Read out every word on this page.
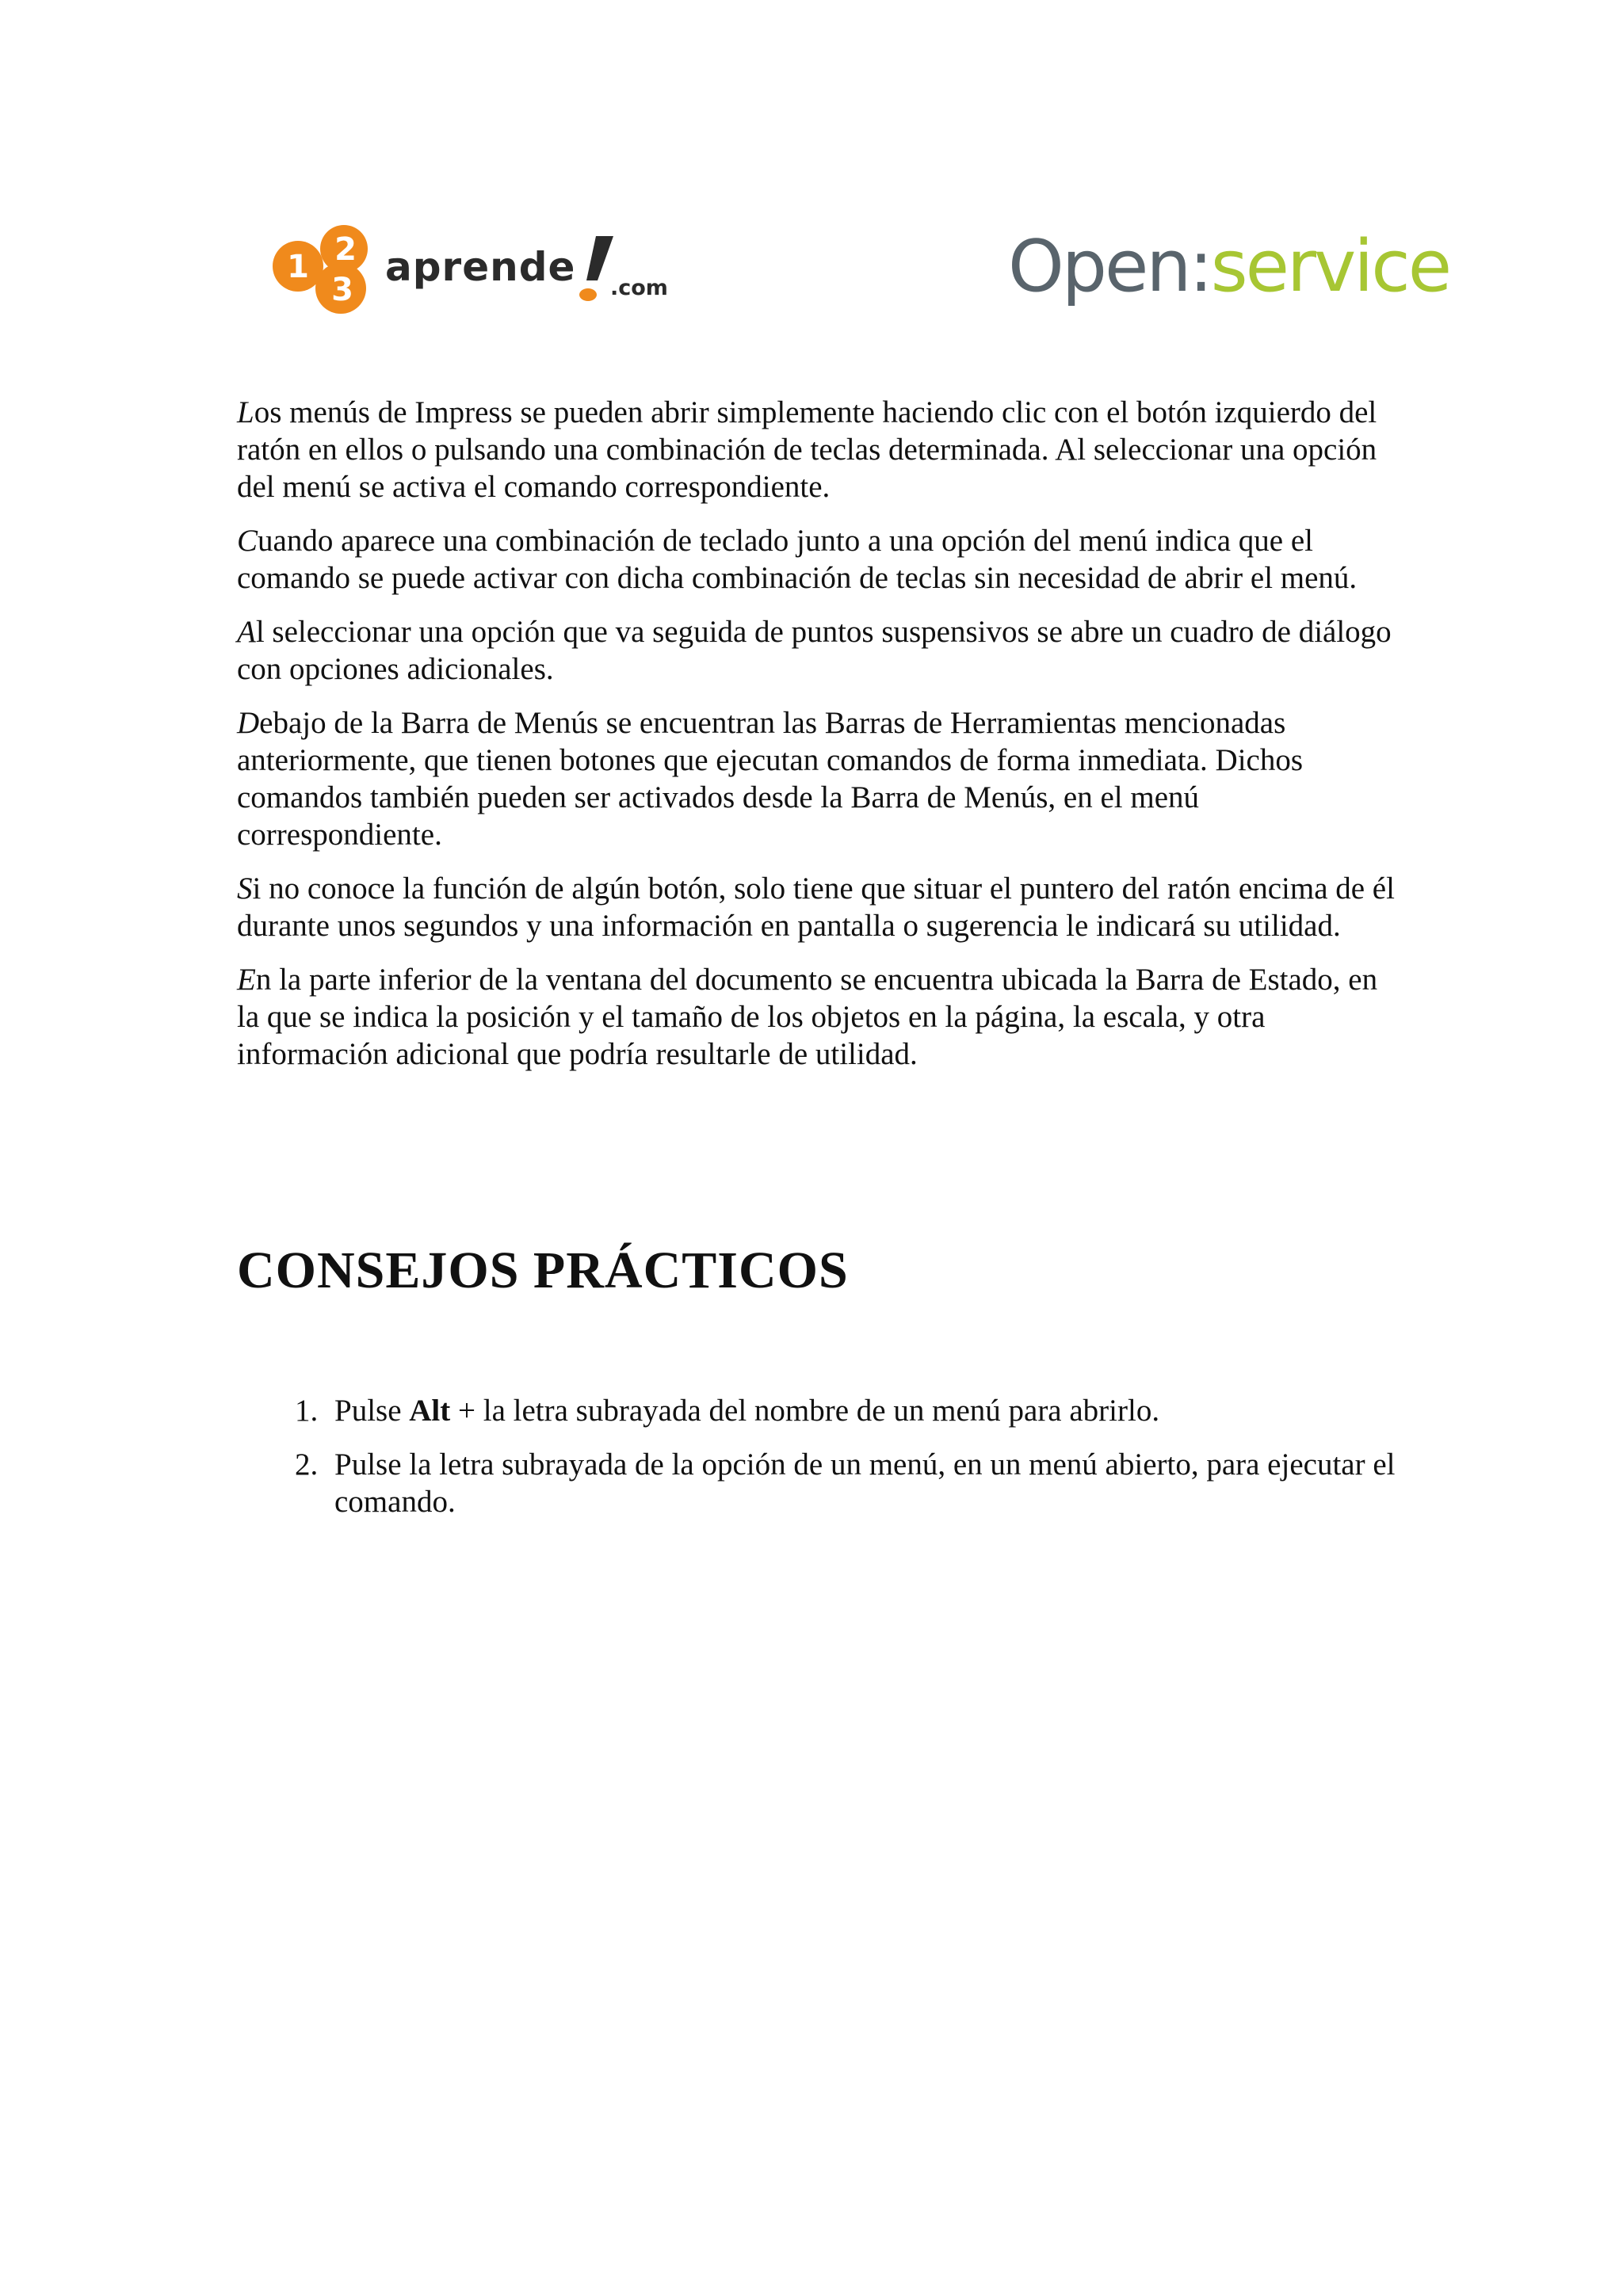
1 2
3 aprende .com	Open:service

Los menús de Impress se pueden abrir simplemente haciendo clic con el botón izquierdo del ratón en ellos o pulsando una combinación de teclas determinada. Al seleccionar una opción del menú se activa el comando correspondiente.

Cuando aparece una combinación de teclado junto a una opción del menú indica que el comando se puede activar con dicha combinación de teclas sin necesidad de abrir el menú.

Al seleccionar una opción que va seguida de puntos suspensivos se abre un cuadro de diálogo con opciones adicionales.

Debajo de la Barra de Menús se encuentran las Barras de Herramientas mencionadas anteriormente, que tienen botones que ejecutan comandos de forma inmediata. Dichos comandos también pueden ser activados desde la Barra de Menús, en el menú correspondiente.

Si no conoce la función de algún botón, solo tiene que situar el puntero del ratón encima de él durante unos segundos y una información en pantalla o sugerencia le indicará su utilidad.

En la parte inferior de la ventana del documento se encuentra ubicada la Barra de Estado, en la que se indica la posición y el tamaño de los objetos en la página, la escala, y otra información adicional que podría resultarle de utilidad.

CONSEJOS PRÁCTICOS
1. Pulse Alt + la letra subrayada del nombre de un menú para abrirlo.
2. Pulse la letra subrayada de la opción de un menú, en un menú abierto, para ejecutar el comando.
